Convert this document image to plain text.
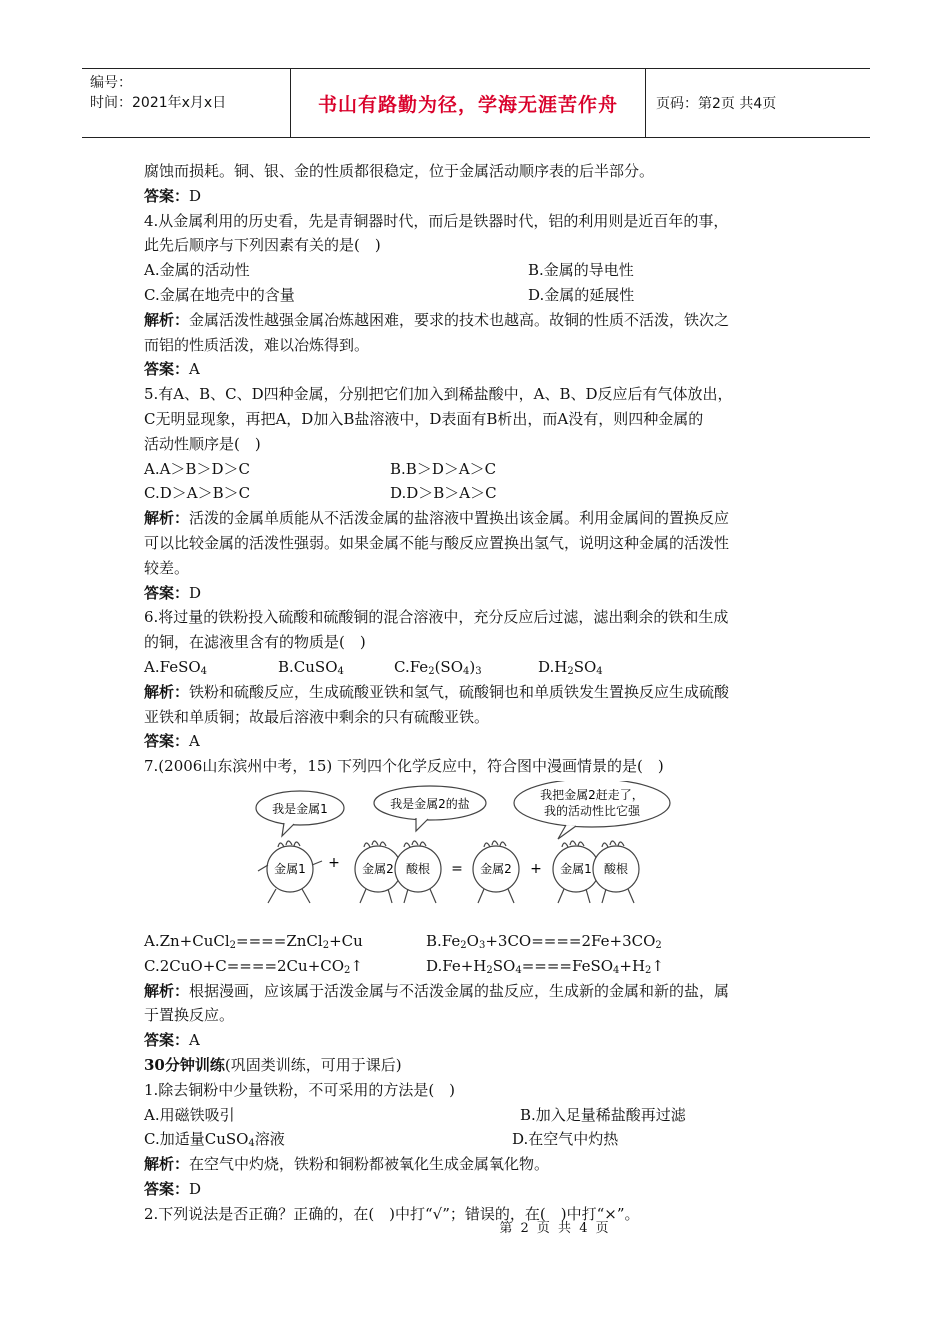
编号：
时间：2021年x月x日	书山有路勤为径，学海无涯苦作舟	页码：第2页 共4页
腐蚀而损耗。铜、银、金的性质都很稳定，位于金属活动顺序表的后半部分。
答案：D
4.从金属利用的历史看，先是青铜器时代，而后是铁器时代，铝的利用则是近百年的事，
此先后顺序与下列因素有关的是(　)
A.金属的活动性	B.金属的导电性
C.金属在地壳中的含量	D.金属的延展性
解析：金属活泼性越强金属冶炼越困难，要求的技术也越高。故铜的性质不活泼，铁次之
而铝的性质活泼，难以冶炼得到。
答案：A
5.有A、B、C、D四种金属，分别把它们加入到稀盐酸中，A、B、D反应后有气体放出，
C无明显现象，再把A，D加入B盐溶液中，D表面有B析出，而A没有，则四种金属的
活动性顺序是(　)
A.A＞B＞D＞C	B.B＞D＞A＞C
C.D＞A＞B＞C	D.D＞B＞A＞C
解析：活泼的金属单质能从不活泼金属的盐溶液中置换出该金属。利用金属间的置换反应
可以比较金属的活泼性强弱。如果金属不能与酸反应置换出氢气，说明这种金属的活泼性
较差。
答案：D
6.将过量的铁粉投入硫酸和硫酸铜的混合溶液中，充分反应后过滤，滤出剩余的铁和生成
的铜，在滤液里含有的物质是(　)
A.FeSO$_4$	B.CuSO$_4$	$C.Fe_2(SO_4)_3$	$D.H_2SO_4$
解析：铁粉和硫酸反应，生成硫酸亚铁和氢气，硫酸铜也和单质铁发生置换反应生成硫酸
亚铁和单质铜；故最后溶液中剩余的只有硫酸亚铁。
答案：A
7.(2006山东滨州中考，15) 下列四个化学反应中，符合图中漫画情景的是(　)
我是金属1	我是金属2的盐
我把金属2赶走了，
我的活动性比它强
金属1	金属2 酸根	金属2	金属1 酸根
+	=	+
A.Zn+CuCl$_2$====ZnCl$_2$+Cu	$B.Fe_2O_3+3CO====2Fe+3CO_2$
$C.2CuO+C====2Cu+CO_2↑$	$D.Fe+H_2SO_4====FeSO_4+H_2↑$
解析：根据漫画，应该属于活泼金属与不活泼金属的盐反应，生成新的金属和新的盐，属
于置换反应。
答案：A
30分钟训练(巩固类训练，可用于课后)
1.除去铜粉中少量铁粉，不可采用的方法是(　)
A.用磁铁吸引	B.加入足量稀盐酸再过滤
C.加适量CuSO$_4$溶液	D.在空气中灼热
解析：在空气中灼烧，铁粉和铜粉都被氧化生成金属氧化物。
答案：D
2.下列说法是否正确？正确的，在(　)中打“√”；错误的，在(　)中打“×”。
第 2 页 共 4 页
